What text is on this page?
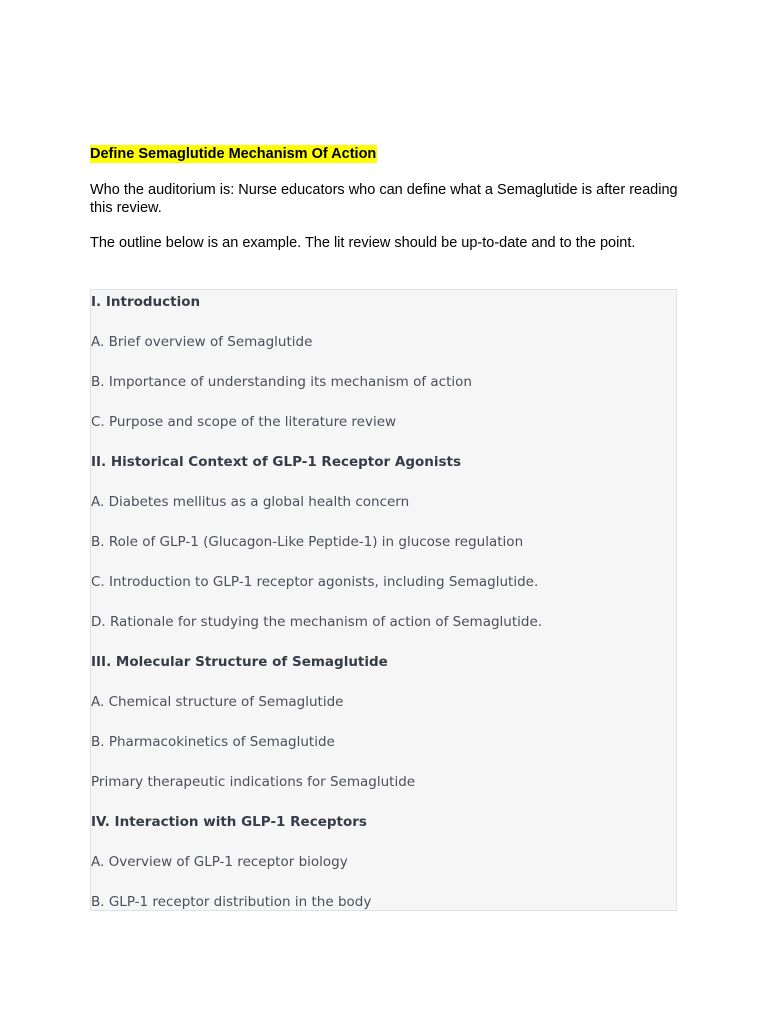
Define Semaglutide Mechanism Of Action
Who the auditorium is: Nurse educators who can define what a Semaglutide is after reading this review.
The outline below is an example. The lit review should be up-to-date and to the point.
I. Introduction
A. Brief overview of Semaglutide
B. Importance of understanding its mechanism of action
C. Purpose and scope of the literature review
II. Historical Context of GLP-1 Receptor Agonists
A. Diabetes mellitus as a global health concern
B. Role of GLP-1 (Glucagon-Like Peptide-1) in glucose regulation
C. Introduction to GLP-1 receptor agonists, including Semaglutide.
D. Rationale for studying the mechanism of action of Semaglutide.
III. Molecular Structure of Semaglutide
A. Chemical structure of Semaglutide
B. Pharmacokinetics of Semaglutide
Primary therapeutic indications for Semaglutide
IV. Interaction with GLP-1 Receptors
A. Overview of GLP-1 receptor biology
B. GLP-1 receptor distribution in the body
